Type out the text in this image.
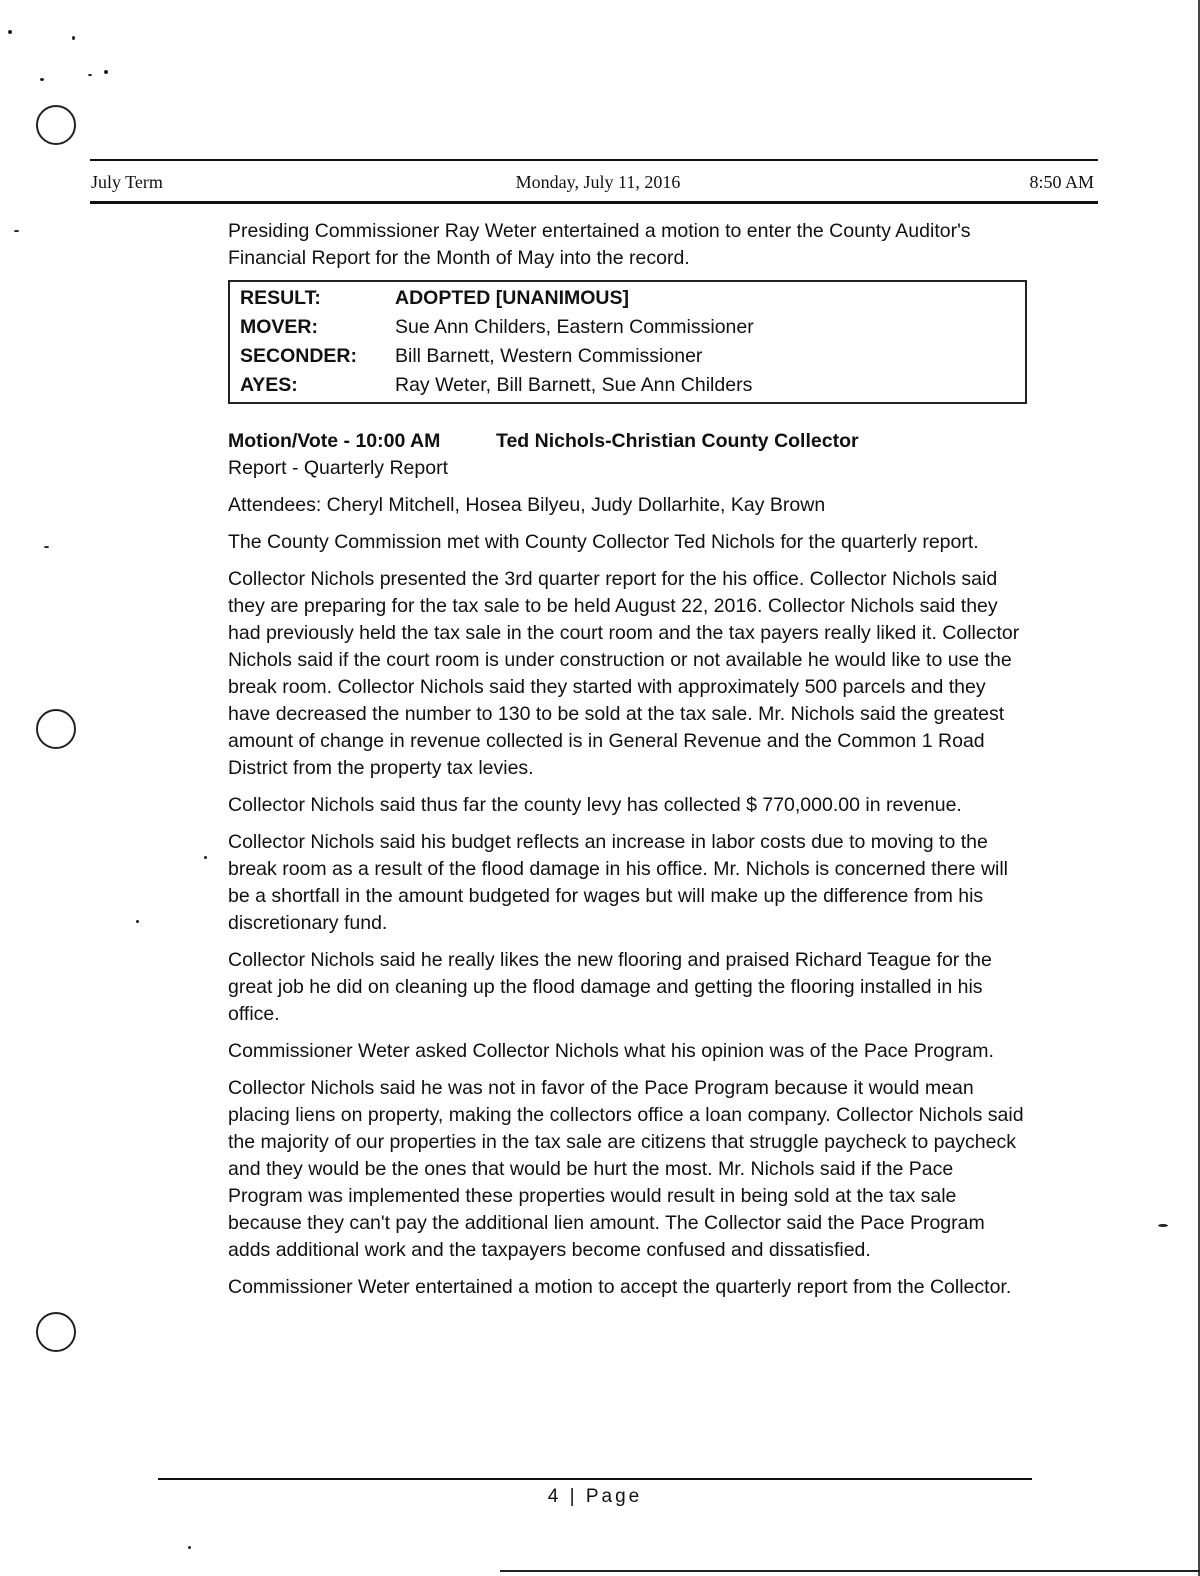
July Term	Monday, July 11, 2016	8:50 AM

Presiding Commissioner Ray Weter entertained a motion to enter the County Auditor's Financial Report for the Month of May into the record.

RESULT:	ADOPTED [UNANIMOUS]
MOVER:	Sue Ann Childers, Eastern Commissioner
SECONDER:	Bill Barnett, Western Commissioner
AYES:	Ray Weter, Bill Barnett, Sue Ann Childers
Motion/Vote - 10:00 AM	Ted Nichols-Christian County Collector

Report - Quarterly Report

Attendees: Cheryl Mitchell, Hosea Bilyeu, Judy Dollarhite, Kay Brown

The County Commission met with County Collector Ted Nichols for the quarterly report.

Collector Nichols presented the 3rd quarter report for the his office. Collector Nichols said they are preparing for the tax sale to be held August 22, 2016. Collector Nichols said they had previously held the tax sale in the court room and the tax payers really liked it. Collector Nichols said if the court room is under construction or not available he would like to use the break room. Collector Nichols said they started with approximately 500 parcels and they have decreased the number to 130 to be sold at the tax sale. Mr. Nichols said the greatest amount of change in revenue collected is in General Revenue and the Common 1 Road District from the property tax levies.

Collector Nichols said thus far the county levy has collected $ 770,000.00 in revenue.

Collector Nichols said his budget reflects an increase in labor costs due to moving to the break room as a result of the flood damage in his office. Mr. Nichols is concerned there will be a shortfall in the amount budgeted for wages but will make up the difference from his discretionary fund.

Collector Nichols said he really likes the new flooring and praised Richard Teague for the great job he did on cleaning up the flood damage and getting the flooring installed in his office.

Commissioner Weter asked Collector Nichols what his opinion was of the Pace Program.

Collector Nichols said he was not in favor of the Pace Program because it would mean placing liens on property, making the collectors office a loan company. Collector Nichols said the majority of our properties in the tax sale are citizens that struggle paycheck to paycheck and they would be the ones that would be hurt the most. Mr. Nichols said if the Pace Program was implemented these properties would result in being sold at the tax sale because they can't pay the additional lien amount. The Collector said the Pace Program adds additional work and the taxpayers become confused and dissatisfied.

Commissioner Weter entertained a motion to accept the quarterly report from the Collector.

4 | Page
